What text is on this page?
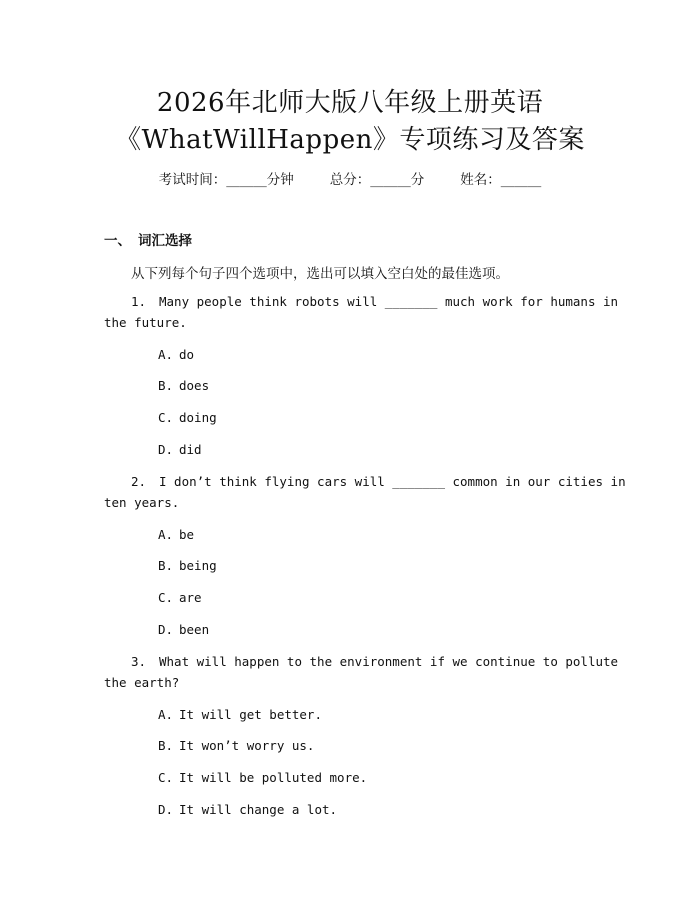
2026年北师大版八年级上册英语
《WhatWillHappen》专项练习及答案
考试时间：______分钟	总分：______分	姓名：______
一、 词汇选择
从下列每个句子四个选项中，选出可以填入空白处的最佳选项。
1. Many people think robots will _______ much work for humans in
the future.
A. do
B. does
C. doing
D. did
2. I don’t think flying cars will _______ common in our cities in
ten years.
A. be
B. being
C. are
D. been
3. What will happen to the environment if we continue to pollute
the earth?
A. It will get better.
B. It won’t worry us.
C. It will be polluted more.
D. It will change a lot.
